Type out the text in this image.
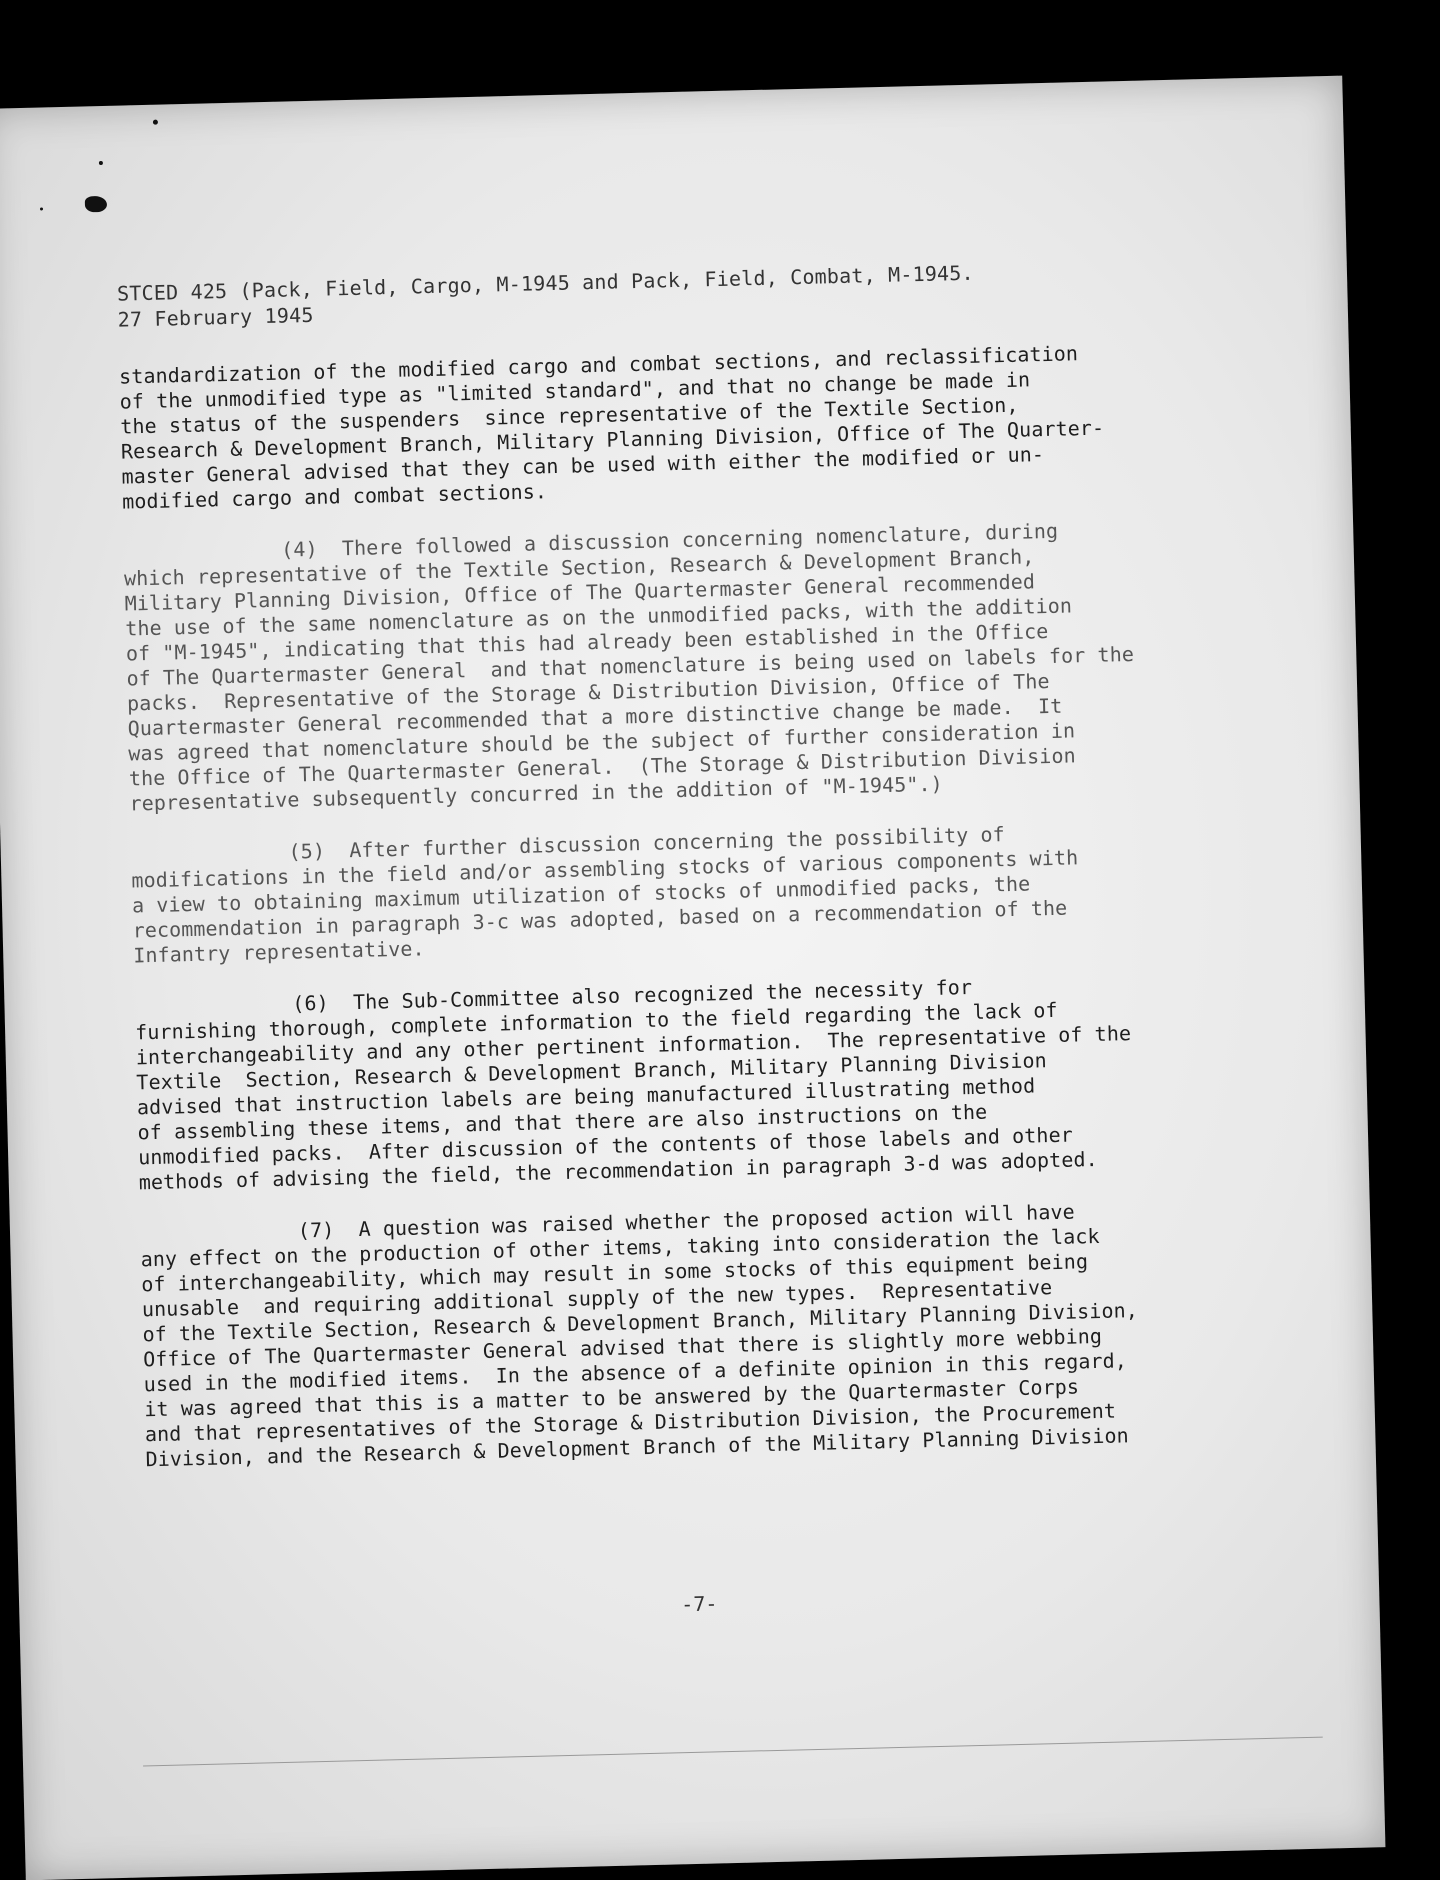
STCED 425 (Pack, Field, Cargo, M-1945 and Pack, Field, Combat, M-1945.

27 February 1945

standardization of the modified cargo and combat sections, and reclassification
of the unmodified type as "limited standard", and that no change be made in
the status of the suspenders  since representative of the Textile Section,
Research & Development Branch, Military Planning Division, Office of The Quarter-
master General advised that they can be used with either the modified or un-
modified cargo and combat sections.

(4)  There followed a discussion concerning nomenclature, during
which representative of the Textile Section, Research & Development Branch,
Military Planning Division, Office of The Quartermaster General recommended
the use of the same nomenclature as on the unmodified packs, with the addition
of "M-1945", indicating that this had already been established in the Office
of The Quartermaster General  and that nomenclature is being used on labels for the
packs.  Representative of the Storage & Distribution Division, Office of The
Quartermaster General recommended that a more distinctive change be made.  It
was agreed that nomenclature should be the subject of further consideration in
the Office of The Quartermaster General.  (The Storage & Distribution Division
representative subsequently concurred in the addition of "M-1945".)

(5)  After further discussion concerning the possibility of
modifications in the field and/or assembling stocks of various components with
a view to obtaining maximum utilization of stocks of unmodified packs, the
recommendation in paragraph 3-c was adopted, based on a recommendation of the
Infantry representative.

(6)  The Sub-Committee also recognized the necessity for
furnishing thorough, complete information to the field regarding the lack of
interchangeability and any other pertinent information.  The representative of the
Textile  Section, Research & Development Branch, Military Planning Division
advised that instruction labels are being manufactured illustrating method
of assembling these items, and that there are also instructions on the
unmodified packs.  After discussion of the contents of those labels and other
methods of advising the field, the recommendation in paragraph 3-d was adopted.

(7)  A question was raised whether the proposed action will have
any effect on the production of other items, taking into consideration the lack
of interchangeability, which may result in some stocks of this equipment being
unusable  and requiring additional supply of the new types.  Representative
of the Textile Section, Research & Development Branch, Military Planning Division,
Office of The Quartermaster General advised that there is slightly more webbing
used in the modified items.  In the absence of a definite opinion in this regard,
it was agreed that this is a matter to be answered by the Quartermaster Corps
and that representatives of the Storage & Distribution Division, the Procurement
Division, and the Research & Development Branch of the Military Planning Division

-7-
